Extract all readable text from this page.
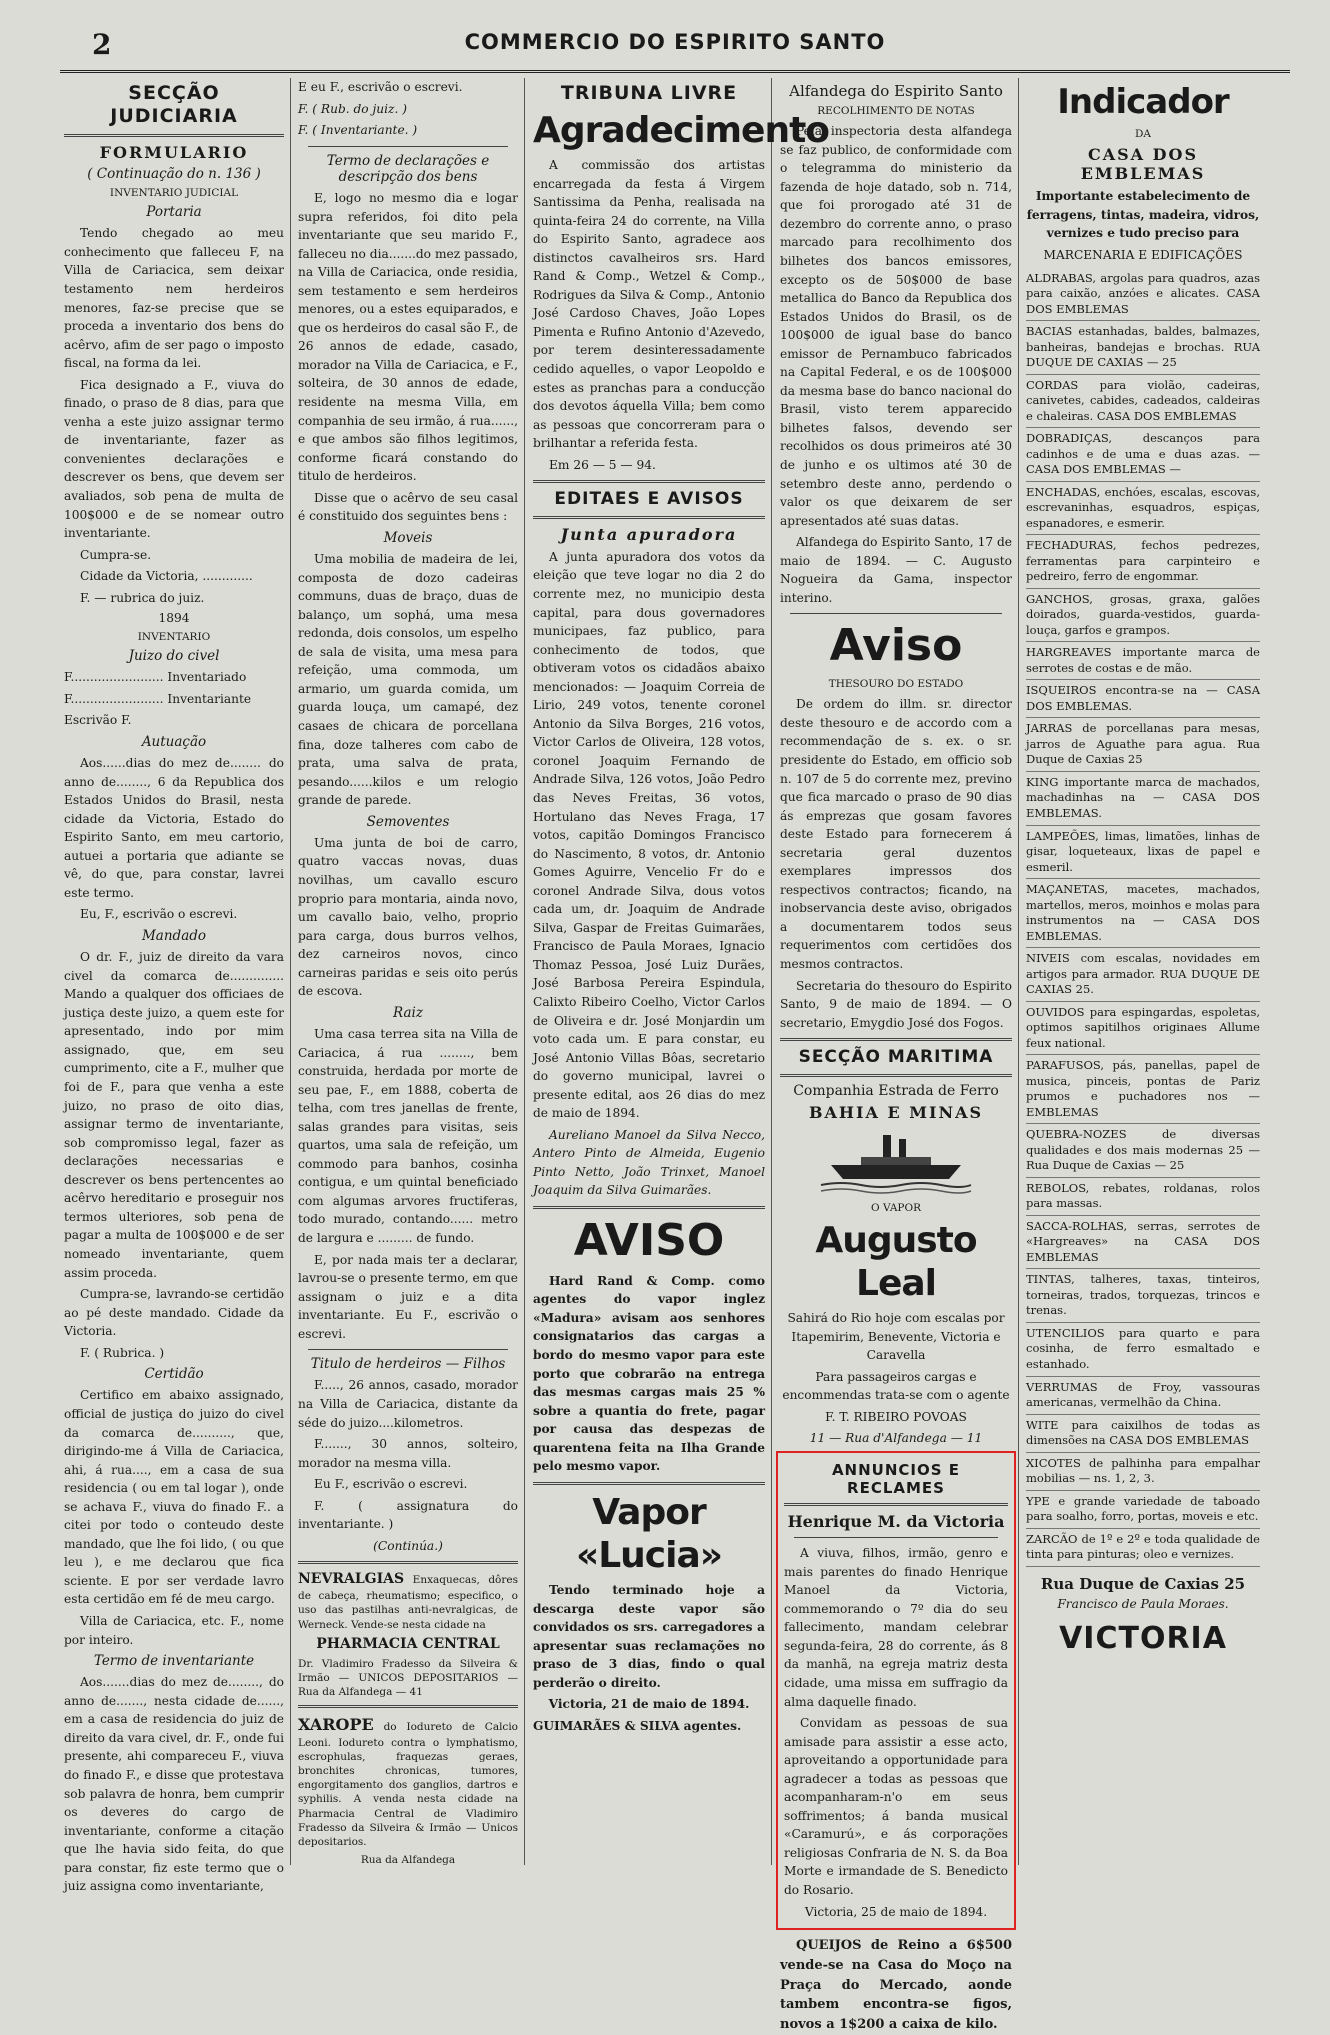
2	COMMERCIO DO ESPIRITO SANTO
SECÇÃO JUDICIARIA
FORMULARIO
( Continuação do n. 136 )
INVENTARIO JUDICIAL
Portaria

Tendo chegado ao meu conhecimento que falleceu F, na Villa de Cariacica, sem deixar testamento nem herdeiros menores, faz-se precise que se proceda a inventario dos bens do acêrvo, afim de ser pago o imposto fiscal, na forma da lei.

Fica designado a F., viuva do finado, o praso de 8 dias, para que venha a este juizo assignar termo de inventariante, fazer as convenientes declarações e descrever os bens, que devem ser avaliados, sob pena de multa de 100$000 e de se nomear outro inventariante.

Cumpra-se.

Cidade da Victoria, .............

F. — rubrica do juiz.

1894
INVENTARIO
Juizo do civel

F........................ Inventariado

F........................ Inventariante

Escrivão F.

Autuação

Aos......dias do mez de........ do anno de........, 6 da Republica dos Estados Unidos do Brasil, nesta cidade da Victoria, Estado do Espirito Santo, em meu cartorio, autuei a portaria que adiante se vê, do que, para constar, lavrei este termo.

Eu, F., escrivão o escrevi.

Mandado

O dr. F., juiz de direito da vara civel da comarca de.............. Mando a qualquer dos officiaes de justiça deste juizo, a quem este for apresentado, indo por mim assignado, que, em seu cumprimento, cite a F., mulher que foi de F., para que venha a este juizo, no praso de oito dias, assignar termo de inventariante, sob compromisso legal, fazer as declarações necessarias e descrever os bens pertencentes ao acêrvo hereditario e proseguir nos termos ulteriores, sob pena de pagar a multa de 100$000 e de ser nomeado inventariante, quem assim proceda.

Cumpra-se, lavrando-se certidão ao pé deste mandado. Cidade da Victoria.

F. ( Rubrica. )

Certidão

Certifico em abaixo assignado, official de justiça do juizo do civel da comarca de.........., que, dirigindo-me á Villa de Cariacica, ahi, á rua...., em a casa de sua residencia ( ou em tal logar ), onde se achava F., viuva do finado F.. a citei por todo o conteudo deste mandado, que lhe foi lido, ( ou que leu ), e me declarou que fica sciente. E por ser verdade lavro esta certidão em fé de meu cargo.

Villa de Cariacica, etc. F., nome por inteiro.

Termo de inventariante

Aos.......dias do mez de........, do anno de......., nesta cidade de......, em a casa de residencia do juiz de direito da vara civel, dr. F., onde fui presente, ahi compareceu F., viuva do finado F., e disse que protestava sob palavra de honra, bem cumprir os deveres do cargo de inventariante, conforme a citação que lhe havia sido feita, do que para constar, fiz este termo que o juiz assigna como inventariante,

E eu F., escrivão o escrevi.

F. ( Rub. do juiz. )

F. ( Inventariante. )

Termo de declarações e descripção dos bens

E, logo no mesmo dia e logar supra referidos, foi dito pela inventariante que seu marido F., falleceu no dia.......do mez passado, na Villa de Cariacica, onde residia, sem testamento e sem herdeiros menores, ou a estes equiparados, e que os herdeiros do casal são F., de 26 annos de edade, casado, morador na Villa de Cariacica, e F., solteira, de 30 annos de edade, residente na mesma Villa, em companhia de seu irmão, á rua......, e que ambos são filhos legitimos, conforme ficará constando do titulo de herdeiros.

Disse que o acêrvo de seu casal é constituido dos seguintes bens :

Moveis

Uma mobilia de madeira de lei, composta de dozo cadeiras communs, duas de braço, duas de balanço, um sophá, uma mesa redonda, dois consolos, um espelho de sala de visita, uma mesa para refeição, uma commoda, um armario, um guarda comida, um guarda louça, um camapé, dez casaes de chicara de porcellana fina, doze talheres com cabo de prata, uma salva de prata, pesando......kilos e um relogio grande de parede.

Semoventes

Uma junta de boi de carro, quatro vaccas novas, duas novilhas, um cavallo escuro proprio para montaria, ainda novo, um cavallo baio, velho, proprio para carga, dous burros velhos, dez carneiros novos, cinco carneiras paridas e seis oito perús de escova.

Raiz

Uma casa terrea sita na Villa de Cariacica, á rua ........, bem construida, herdada por morte de seu pae, F., em 1888, coberta de telha, com tres janellas de frente, salas grandes para visitas, seis quartos, uma sala de refeição, um commodo para banhos, cosinha contigua, e um quintal beneficiado com algumas arvores fructiferas, todo murado, contando...... metro de largura e ......... de fundo.

E, por nada mais ter a declarar, lavrou-se o presente termo, em que assignam o juiz e a dita inventariante. Eu F., escrivão o escrevi.

Titulo de herdeiros — Filhos

F....., 26 annos, casado, morador na Villa de Cariacica, distante da séde do juizo....kilometros.

F......., 30 annos, solteiro, morador na mesma villa.

Eu F., escrivão o escrevi.

F. ( assignatura do inventariante. )

(Continúa.)

NEVRALGIAS Enxaquecas, dôres de cabeça, rheumatismo; especifico, o uso das pastilhas anti-nevralgicas, de Werneck. Vende-se nesta cidade na

PHARMACIA CENTRAL

Dr. Vladimiro Fradesso da Silveira & Irmão — UNICOS DEPOSITARIOS — Rua da Alfandega — 41

XAROPE do Iodureto de Calcio Leoni. Iodureto contra o lymphatismo, escrophulas, fraquezas geraes, bronchites chronicas, tumores, engorgitamento dos ganglios, dartros e syphilis. A venda nesta cidade na Pharmacia Central de Vladimiro Fradesso da Silveira & Irmão — Unicos depositarios.

Rua da Alfandega
TRIBUNA LIVRE
Agradecimento

A commissão dos artistas encarregada da festa á Virgem Santissima da Penha, realisada na quinta-feira 24 do corrente, na Villa do Espirito Santo, agradece aos distinctos cavalheiros srs. Hard Rand & Comp., Wetzel & Comp., Rodrigues da Silva & Comp., Antonio José Cardoso Chaves, João Lopes Pimenta e Rufino Antonio d'Azevedo, por terem desinteressadamente cedido aquelles, o vapor Leopoldo e estes as pranchas para a conducção dos devotos áquella Villa; bem como as pessoas que concorreram para o brilhantar a referida festa.

Em 26 — 5 — 94.

EDITAES E AVISOS
Junta apuradora

A junta apuradora dos votos da eleição que teve logar no dia 2 do corrente mez, no municipio desta capital, para dous governadores municipaes, faz publico, para conhecimento de todos, que obtiveram votos os cidadãos abaixo mencionados: — Joaquim Correia de Lirio, 249 votos, tenente coronel Antonio da Silva Borges, 216 votos, Victor Carlos de Oliveira, 128 votos, coronel Joaquim Fernando de Andrade Silva, 126 votos, João Pedro das Neves Freitas, 36 votos, Hortulano das Neves Fraga, 17 votos, capitão Domingos Francisco do Nascimento, 8 votos, dr. Antonio Gomes Aguirre, Vencelio Fr do e coronel Andrade Silva, dous votos cada um, dr. Joaquim de Andrade Silva, Gaspar de Freitas Guimarães, Francisco de Paula Moraes, Ignacio Thomaz Pessoa, José Luiz Durães, José Barbosa Pereira Espindula, Calixto Ribeiro Coelho, Victor Carlos de Oliveira e dr. José Monjardin um voto cada um. E para constar, eu José Antonio Villas Bôas, secretario do governo municipal, lavrei o presente edital, aos 26 dias do mez de maio de 1894.

Aureliano Manoel da Silva Necco, Antero Pinto de Almeida, Eugenio Pinto Netto, João Trinxet, Manoel Joaquim da Silva Guimarães.

AVISO

Hard Rand & Comp. como agentes do vapor inglez «Madura» avisam aos senhores consignatarios das cargas a bordo do mesmo vapor para este porto que cobrarão na entrega das mesmas cargas mais 25 % sobre a quantia do frete, pagar por causa das despezas de quarentena feita na Ilha Grande pelo mesmo vapor.

Vapor «Lucia»

Tendo terminado hoje a descarga deste vapor são convidados os srs. carregadores a apresentar suas reclamações no praso de 3 dias, findo o qual perderão o direito.

Victoria, 21 de maio de 1894.

GUIMARÃES & SILVA agentes.

Alfandega do Espirito Santo
RECOLHIMENTO DE NOTAS

Pela inspectoria desta alfandega se faz publico, de conformidade com o telegramma do ministerio da fazenda de hoje datado, sob n. 714, que foi prorogado até 31 de dezembro do corrente anno, o praso marcado para recolhimento dos bilhetes dos bancos emissores, excepto os de 50$000 de base metallica do Banco da Republica dos Estados Unidos do Brasil, os de 100$000 de igual base do banco emissor de Pernambuco fabricados na Capital Federal, e os de 100$000 da mesma base do banco nacional do Brasil, visto terem apparecido bilhetes falsos, devendo ser recolhidos os dous primeiros até 30 de junho e os ultimos até 30 de setembro deste anno, perdendo o valor os que deixarem de ser apresentados até suas datas.

Alfandega do Espirito Santo, 17 de maio de 1894. — C. Augusto Nogueira da Gama, inspector interino.

Aviso
THESOURO DO ESTADO

De ordem do illm. sr. director deste thesouro e de accordo com a recommendação de s. ex. o sr. presidente do Estado, em officio sob n. 107 de 5 do corrente mez, previno que fica marcado o praso de 90 dias ás emprezas que gosam favores deste Estado para fornecerem á secretaria geral duzentos exemplares impressos dos respectivos contractos; ficando, na inobservancia deste aviso, obrigados a documentarem todos seus requerimentos com certidões dos mesmos contractos.

Secretaria do thesouro do Espirito Santo, 9 de maio de 1894. — O secretario, Emygdio José dos Fogos.

SECÇÃO MARITIMA
Companhia Estrada de Ferro
BAHIA E MINAS
O VAPOR
Augusto Leal

Sahirá do Rio hoje com escalas por Itapemirim, Benevente, Victoria e Caravella

Para passageiros cargas e encommendas trata-se com o agente

F. T. RIBEIRO POVOAS

11 — Rua d'Alfandega — 11

ANNUNCIOS E RECLAMES
Henrique M. da Victoria

A viuva, filhos, irmão, genro e mais parentes do finado Henrique Manoel da Victoria, commemorando o 7º dia do seu fallecimento, mandam celebrar segunda-feira, 28 do corrente, ás 8 da manhã, na egreja matriz desta cidade, uma missa em suffragio da alma daquelle finado.

Convidam as pessoas de sua amisade para assistir a esse acto, aproveitando a opportunidade para agradecer a todas as pessoas que acompanharam-n'o em seus soffrimentos; á banda musical «Caramurú», e ás corporações religiosas Confraria de N. S. da Boa Morte e irmandade de S. Benedicto do Rosario.

Victoria, 25 de maio de 1894.

QUEIJOS de Reino a 6$500 vende-se na Casa do Moço na Praça do Mercado, aonde tambem encontra-se figos, novos a 1$200 a caixa de kilo.

Indicador
DA
CASA DOS EMBLEMAS

Importante estabelecimento de ferragens, tintas, madeira, vidros, vernizes e tudo preciso para

MARCENARIA E EDIFICAÇÕES

ALDRABAS, argolas para quadros, azas para caixão, anzóes e alicates. CASA DOS EMBLEMAS
BACIAS estanhadas, baldes, balmazes, banheiras, bandejas e brochas. RUA DUQUE DE CAXIAS — 25
CORDAS para violão, cadeiras, canivetes, cabides, cadeados, caldeiras e chaleiras. CASA DOS EMBLEMAS
DOBRADIÇAS, descanços para cadinhos e de uma e duas azas. — CASA DOS EMBLEMAS —
ENCHADAS, enchóes, escalas, escovas, escrevaninhas, esquadros, espiças, espanadores, e esmerir.
FECHADURAS, fechos pedrezes, ferramentas para carpinteiro e pedreiro, ferro de engommar.
GANCHOS, grosas, graxa, galões doirados, guarda-vestidos, guarda-louça, garfos e grampos.
HARGREAVES importante marca de serrotes de costas e de mão.
ISQUEIROS encontra-se na — CASA DOS EMBLEMAS.
JARRAS de porcellanas para mesas, jarros de Aguathe para agua. Rua Duque de Caxias 25
KING importante marca de machados, machadinhas na — CASA DOS EMBLEMAS.
LAMPEÕES, limas, limatões, linhas de gisar, loqueteaux, lixas de papel e esmeril.
MAÇANETAS, macetes, machados, martellos, meros, moinhos e molas para instrumentos na — CASA DOS EMBLEMAS.
NIVEIS com escalas, novidades em artigos para armador. RUA DUQUE DE CAXIAS 25.
OUVIDOS para espingardas, espoletas, optimos sapitilhos originaes Allume feux national.
PARAFUSOS, pás, panellas, papel de musica, pinceis, pontas de Pariz prumos e puchadores nos — EMBLEMAS
QUEBRA-NOZES de diversas qualidades e dos mais modernas 25 — Rua Duque de Caxias — 25
REBOLOS, rebates, roldanas, rolos para massas.
SACCA-ROLHAS, serras, serrotes de «Hargreaves» na CASA DOS EMBLEMAS
TINTAS, talheres, taxas, tinteiros, torneiras, trados, torquezas, trincos e trenas.
UTENCILIOS para quarto e para cosinha, de ferro esmaltado e estanhado.
VERRUMAS de Froy, vassouras americanas, vermelhão da China.
WITE para caixilhos de todas as dimensões na CASA DOS EMBLEMAS
XICOTES de palhinha para empalhar mobilias — ns. 1, 2, 3.
YPE e grande variedade de taboado para soalho, forro, portas, moveis e etc.
ZARCÃO de 1º e 2º e toda qualidade de tinta para pinturas; oleo e vernizes.
Rua Duque de Caxias 25
Francisco de Paula Moraes.
VICTORIA
